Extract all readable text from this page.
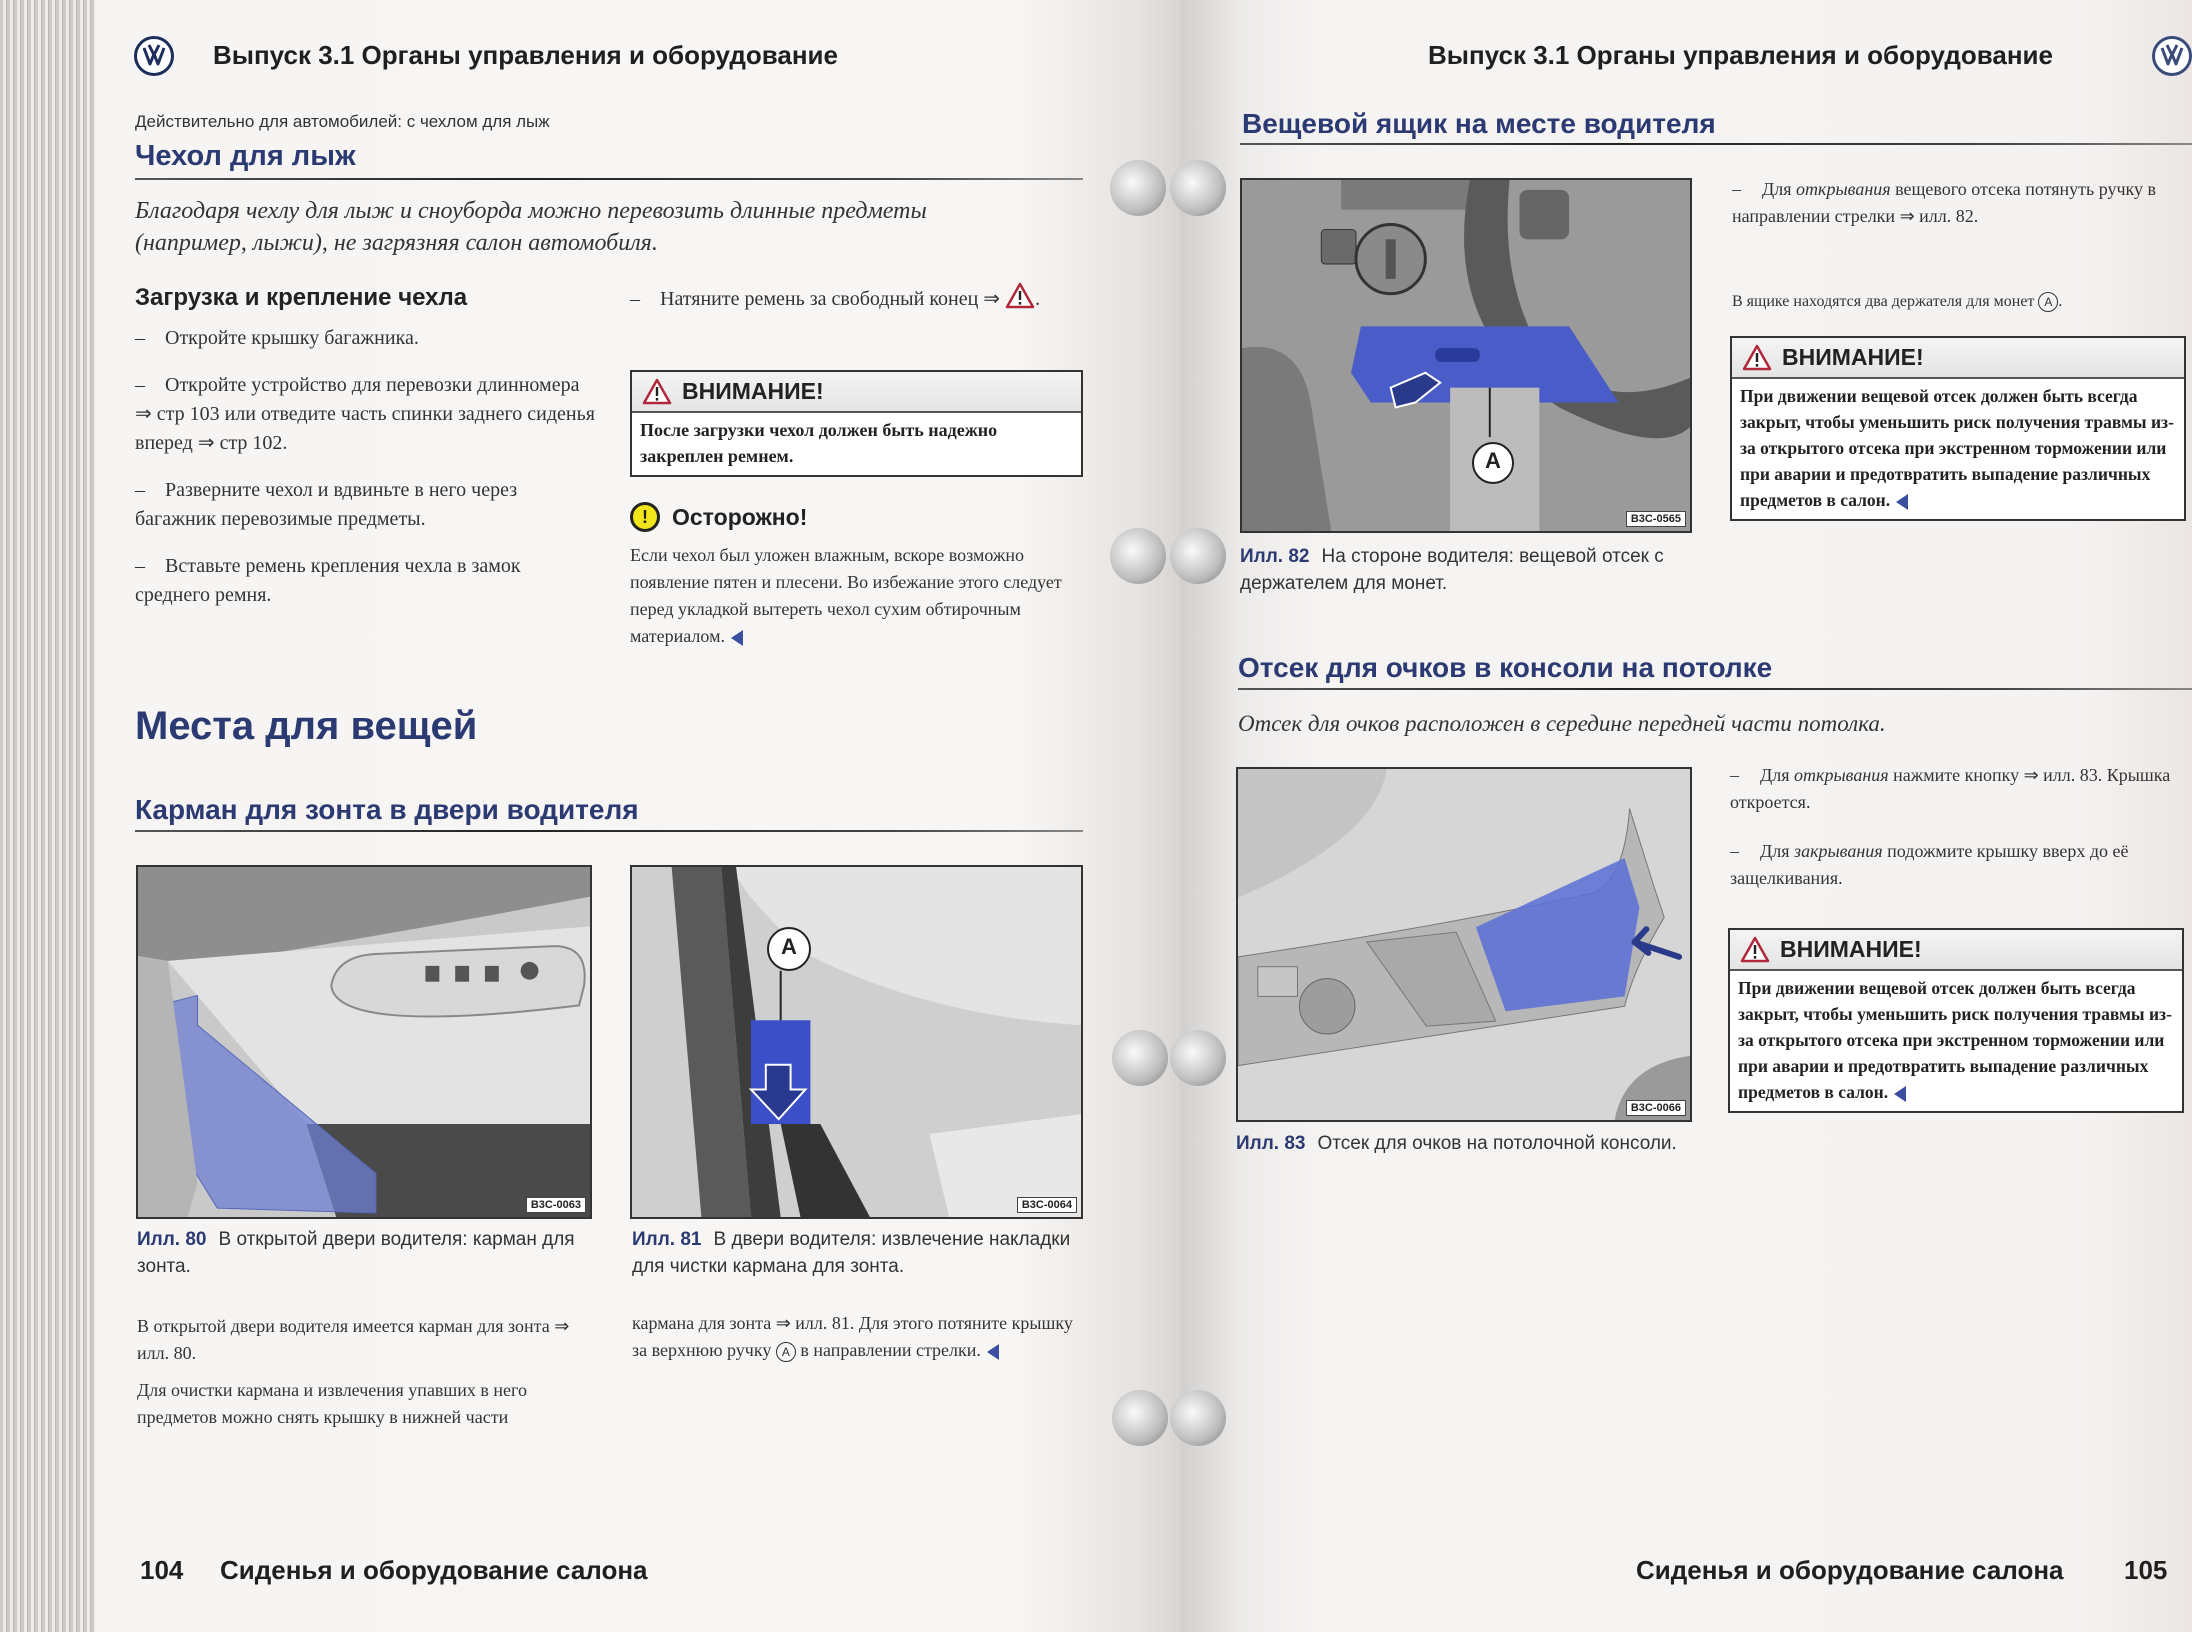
Выпуск 3.1 Органы управления и оборудование
Действительно для автомобилей: с чехлом для лыж
Чехол для лыж
Благодаря чехлу для лыж и сноуборда можно перевозить длинные предметы (например, лыжи), не загрязняя салон автомобиля.
Загрузка и крепление чехла
– Откройте крышку багажника.
– Откройте устройство для перевозки длинномера ⇒ стр 103 или отведите часть спинки заднего сиденья вперед ⇒ стр 102.
– Разверните чехол и вдвиньте в него через багажник перевозимые предметы.
– Вставьте ремень крепления чехла в замок среднего ремня.
– Натяните ремень за свободный конец ⇒ .
ВНИМАНИЕ!
После загрузки чехол должен быть надежно закреплен ремнем.
!	Осторожно!
Если чехол был уложен влажным, вскоре возможно появление пятен и плесени. Во избежание этого следует перед укладкой вытереть чехол сухим обтирочным материалом.
Места для вещей
Карман для зонта в двери водителя
B3C-0063
A
B3C-0064
Илл. 80 В открытой двери водителя: карман для зонта.
Илл. 81 В двери водителя: извлечение накладки для чистки кармана для зонта.
В открытой двери водителя имеется карман для зонта ⇒ илл. 80.
Для очистки кармана и извлечения упавших в него предметов можно снять крышку в нижней части
кармана для зонта ⇒ илл. 81. Для этого потяните крышку за верхнюю ручку A в направлении стрелки.
104 Сиденья и оборудование салона
Выпуск 3.1 Органы управления и оборудование
Вещевой ящик на месте водителя
A
B3C-0565
Илл. 82 На стороне водителя: вещевой отсек с держателем для монет.
– Для открывания вещевого отсека потянуть ручку в направлении стрелки ⇒ илл. 82.
В ящике находятся два держателя для монет A .
ВНИМАНИЕ!
При движении вещевой отсек должен быть всегда закрыт, чтобы уменьшить риск получения травмы из-за открытого отсека при экстренном торможении или при аварии и предотвратить выпадение различных предметов в салон.
Отсек для очков в консоли на потолке
Отсек для очков расположен в середине передней части потолка.
B3C-0066
Илл. 83 Отсек для очков на потолочной консоли.
– Для открывания нажмите кнопку ⇒ илл. 83. Крышка откроется.
– Для закрывания подожмите крышку вверх до её защелкивания.
ВНИМАНИЕ!
При движении вещевой отсек должен быть всегда закрыт, чтобы уменьшить риск получения травмы из-за открытого отсека при экстренном торможении или при аварии и предотвратить выпадение различных предметов в салон.
Сиденья и оборудование салона 105
